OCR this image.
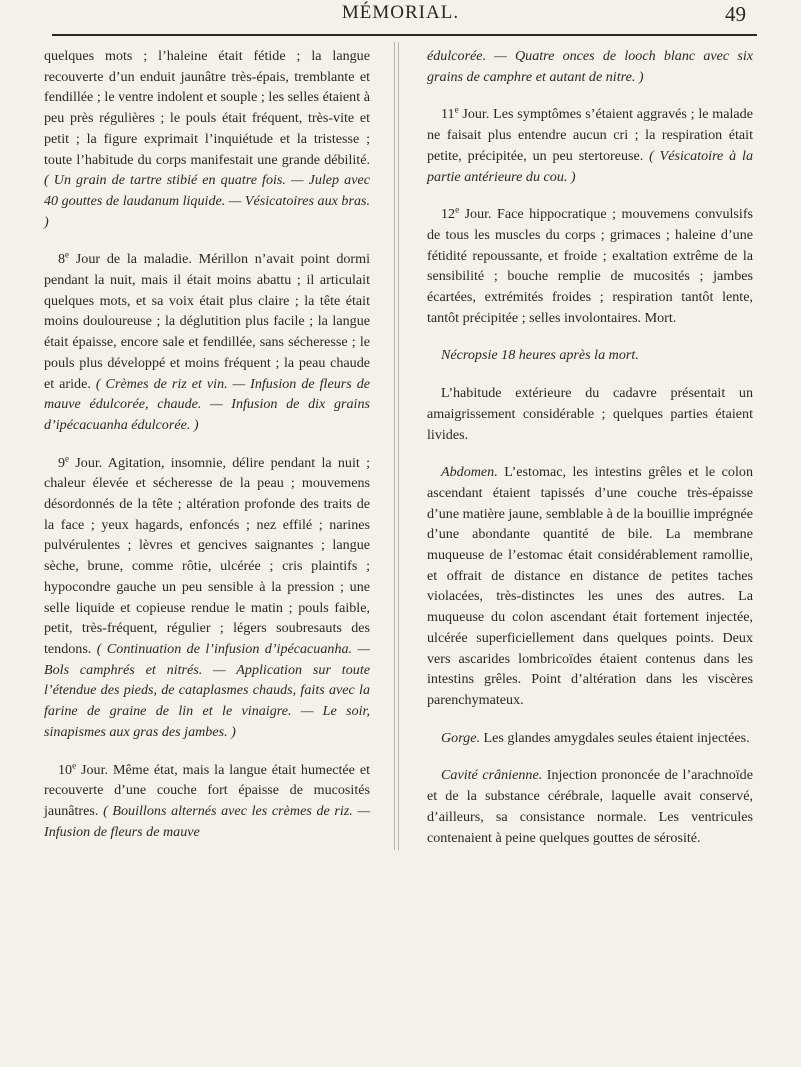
MÉMORIAL.	49

quelques mots ; l’haleine était fétide ; la langue recouverte d’un enduit jaunâtre très-épais, tremblante et fendillée ; le ventre indolent et souple ; les selles étaient à peu près régulières ; le pouls était fréquent, très-vite et petit ; la figure exprimait l’inquiétude et la tristesse ; toute l’habitude du corps manifestait une grande débilité. ( Un grain de tartre stibié en quatre fois. — Julep avec 40 gouttes de laudanum liquide. — Vésicatoires aux bras. )

8e Jour de la maladie. Mérillon n’avait point dormi pendant la nuit, mais il était moins abattu ; il articulait quelques mots, et sa voix était plus claire ; la tête était moins douloureuse ; la déglutition plus facile ; la langue était épaisse, encore sale et fendillée, sans sécheresse ; le pouls plus développé et moins fréquent ; la peau chaude et aride. ( Crèmes de riz et vin. — Infusion de fleurs de mauve édulcorée, chaude. — Infusion de dix grains d’ipécacuanha édulcorée. )

9e Jour. Agitation, insomnie, délire pendant la nuit ; chaleur élevée et sécheresse de la peau ; mouvemens désordonnés de la tête ; altération profonde des traits de la face ; yeux hagards, enfoncés ; nez effilé ; narines pulvérulentes ; lèvres et gencives saignantes ; langue sèche, brune, comme rôtie, ulcérée ; cris plaintifs ; hypocondre gauche un peu sensible à la pression ; une selle liquide et copieuse rendue le matin ; pouls faible, petit, très-fréquent, régulier ; légers soubresauts des tendons. ( Continuation de l’infusion d’ipécacuanha. — Bols camphrés et nitrés. — Application sur toute l’étendue des pieds, de cataplasmes chauds, faits avec la farine de graine de lin et le vinaigre. — Le soir, sinapismes aux gras des jambes. )

10e Jour. Même état, mais la langue était humectée et recouverte d’une couche fort épaisse de mucosités jaunâtres. ( Bouillons alternés avec les crèmes de riz. — Infusion de fleurs de mauve

édulcorée. — Quatre onces de looch blanc avec six grains de camphre et autant de nitre. )

11e Jour. Les symptômes s’étaient aggravés ; le malade ne faisait plus entendre aucun cri ; la respiration était petite, précipitée, un peu stertoreuse. ( Vésicatoire à la partie antérieure du cou. )

12e Jour. Face hippocratique ; mouvemens convulsifs de tous les muscles du corps ; grimaces ; haleine d’une fétidité repoussante, et froide ; exaltation extrême de la sensibilité ; bouche remplie de mucosités ; jambes écartées, extrémités froides ; respiration tantôt lente, tantôt précipitée ; selles involontaires. Mort.

Nécropsie 18 heures après la mort.

L’habitude extérieure du cadavre présentait un amaigrissement considérable ; quelques parties étaient livides.

Abdomen. L’estomac, les intestins grêles et le colon ascendant étaient tapissés d’une couche très-épaisse d’une matière jaune, semblable à de la bouillie imprégnée d’une abondante quantité de bile. La membrane muqueuse de l’estomac était considérablement ramollie, et offrait de distance en distance de petites taches violacées, très-distinctes les unes des autres. La muqueuse du colon ascendant était fortement injectée, ulcérée superficiellement dans quelques points. Deux vers ascarides lombricoïdes étaient contenus dans les intestins grêles. Point d’altération dans les viscères parenchymateux.

Gorge. Les glandes amygdales seules étaient injectées.

Cavité crânienne. Injection prononcée de l’arachnoïde et de la substance cérébrale, laquelle avait conservé, d’ailleurs, sa consistance normale. Les ventricules contenaient à peine quelques gouttes de sérosité.
